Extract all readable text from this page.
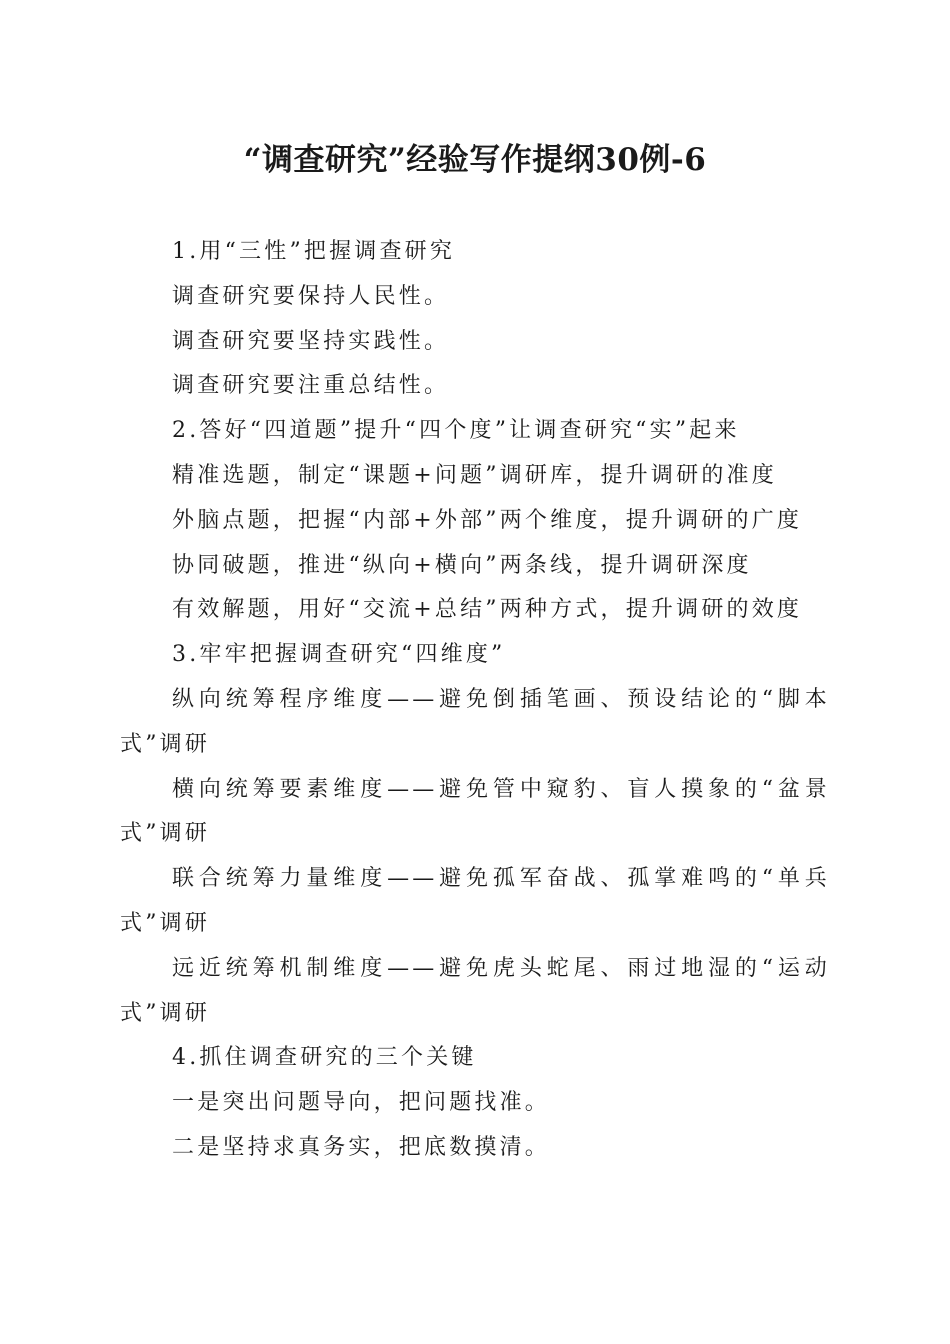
“调查研究”经验写作提纲30例-6

1.用“三性”把握调查研究

调查研究要保持人民性。

调查研究要坚持实践性。

调查研究要注重总结性。

2.答好“四道题”提升“四个度”让调查研究“实”起来

精准选题，制定“课题+问题”调研库，提升调研的准度

外脑点题，把握“内部+外部”两个维度，提升调研的广度

协同破题，推进“纵向+横向”两条线，提升调研深度

有效解题，用好“交流+总结”两种方式，提升调研的效度

3.牢牢把握调查研究“四维度”

纵向统筹程序维度——避免倒插笔画、预设结论的“脚本式”调研

横向统筹要素维度——避免管中窥豹、盲人摸象的“盆景式”调研

联合统筹力量维度——避免孤军奋战、孤掌难鸣的“单兵式”调研

远近统筹机制维度——避免虎头蛇尾、雨过地湿的“运动式”调研

4.抓住调查研究的三个关键

一是突出问题导向，把问题找准。

二是坚持求真务实，把底数摸清。
